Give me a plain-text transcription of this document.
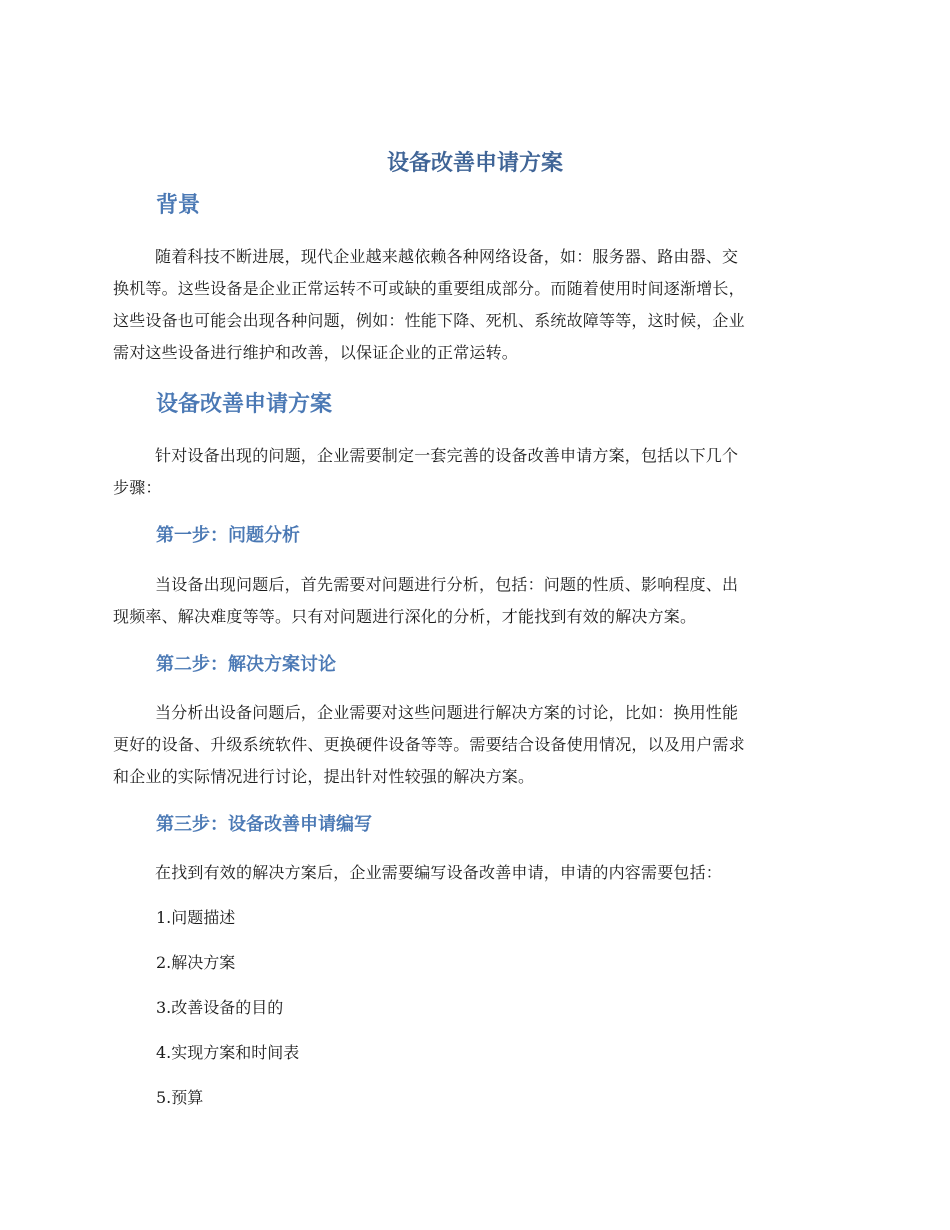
设备改善申请方案
背景

随着科技不断进展，现代企业越来越依赖各种网络设备，如：服务器、路由器、交
换机等。这些设备是企业正常运转不可或缺的重要组成部分。而随着使用时间逐渐增长，
这些设备也可能会出现各种问题，例如：性能下降、死机、系统故障等等，这时候，企业
需对这些设备进行维护和改善，以保证企业的正常运转。

设备改善申请方案

针对设备出现的问题，企业需要制定一套完善的设备改善申请方案，包括以下几个
步骤：

第一步：问题分析

当设备出现问题后，首先需要对问题进行分析，包括：问题的性质、影响程度、出
现频率、解决难度等等。只有对问题进行深化的分析，才能找到有效的解决方案。

第二步：解决方案讨论

当分析出设备问题后，企业需要对这些问题进行解决方案的讨论，比如：换用性能
更好的设备、升级系统软件、更换硬件设备等等。需要结合设备使用情况，以及用户需求
和企业的实际情况进行讨论，提出针对性较强的解决方案。

第三步：设备改善申请编写

在找到有效的解决方案后，企业需要编写设备改善申请，申请的内容需要包括：

1.问题描述

2.解决方案

3.改善设备的目的

4.实现方案和时间表

5.预算
